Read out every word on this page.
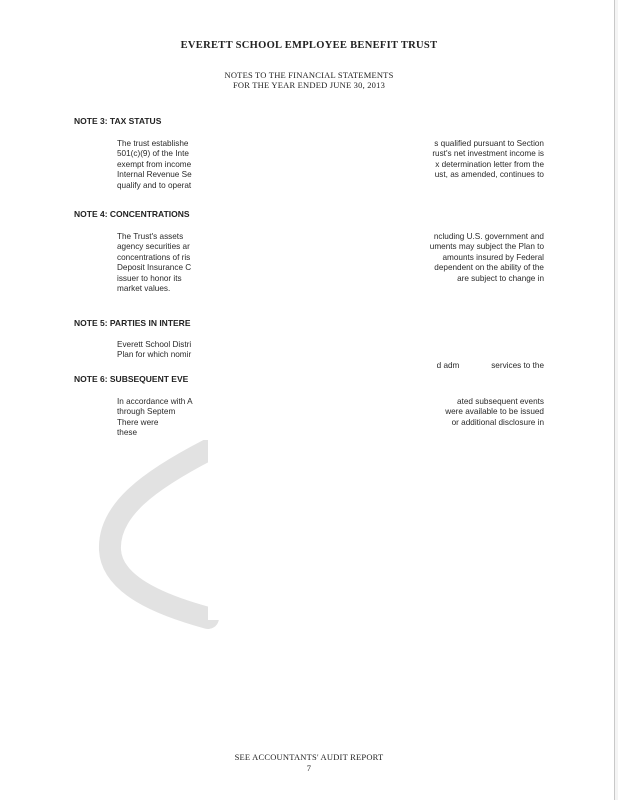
EVERETT SCHOOL EMPLOYEE BENEFIT TRUST
NOTES TO THE FINANCIAL STATEMENTS
FOR THE YEAR ENDED JUNE 30, 2013
NOTE 3: TAX STATUS
The trust establishe
501(c)(9) of the Inte
exempt from income
Internal Revenue Se
qualify and to operat
s qualified pursuant to Section
rust's net investment income is
x determination letter from the
ust, as amended, continues to
NOTE 4: CONCENTRATIONS
The Trust's assets
agency securities ar
concentrations of ris
Deposit Insurance C
issuer to honor its
market values.
ncluding U.S. government and
uments may subject the Plan to
amounts insured by Federal
dependent on the ability of the
are subject to change in
NOTE 5: PARTIES IN INTERE
Everett School Distri
Plan for which nomir

d adm              services to the

NOTE 6: SUBSEQUENT EVE
In accordance with A
through Septem
There were
these
ated subsequent events
were available to be issued
or additional disclosure in
SEE ACCOUNTANTS' AUDIT REPORT
7
